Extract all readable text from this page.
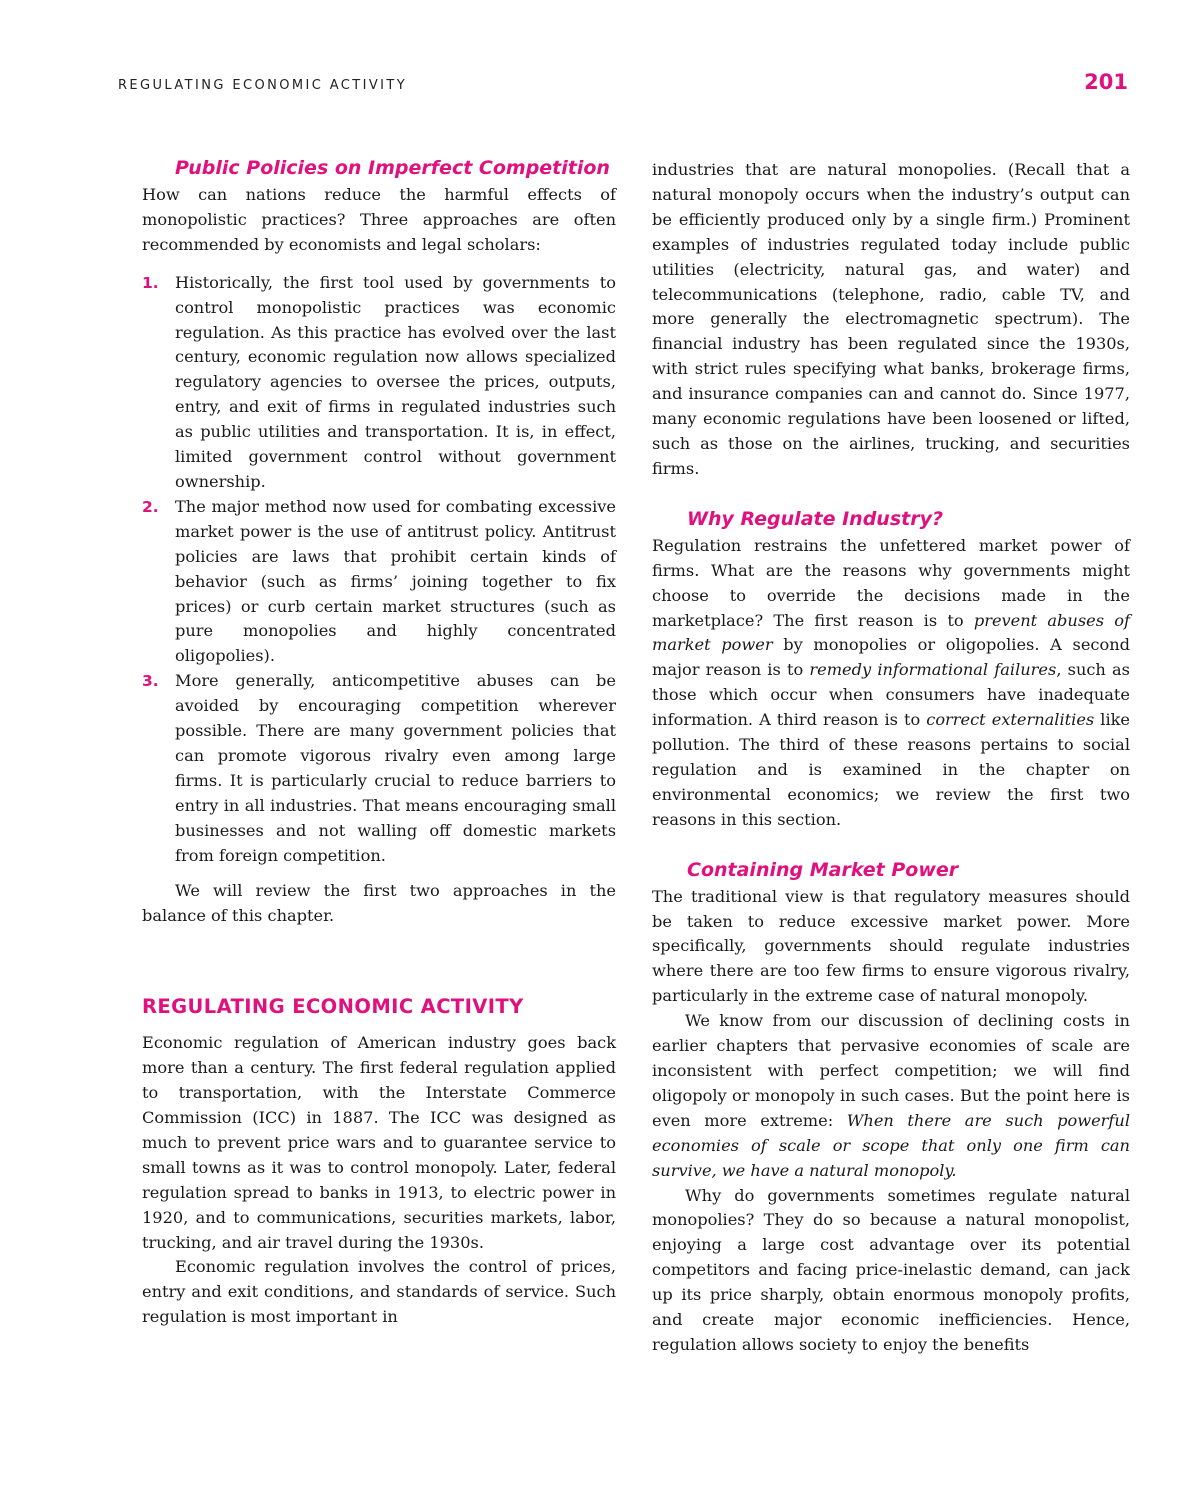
REGULATING ECONOMIC ACTIVITY	201
Public Policies on Imperfect Competition

How can nations reduce the harmful effects of monopolistic practices? Three approaches are often recommended by economists and legal scholars:

1. Historically, the first tool used by governments to control monopolistic practices was economic regulation. As this practice has evolved over the last century, economic regulation now allows specialized regulatory agencies to oversee the prices, outputs, entry, and exit of firms in regulated industries such as public utilities and transportation. It is, in effect, limited government control without government ownership.

2. The major method now used for combating excessive market power is the use of antitrust policy. Antitrust policies are laws that prohibit certain kinds of behavior (such as firms’ joining together to fix prices) or curb certain market structures (such as pure monopolies and highly concentrated oligopolies).

3. More generally, anticompetitive abuses can be avoided by encouraging competition wherever possible. There are many government policies that can promote vigorous rivalry even among large firms. It is particularly crucial to reduce barriers to entry in all industries. That means encouraging small businesses and not walling off domestic markets from foreign competition.

We will review the first two approaches in the balance of this chapter.

REGULATING ECONOMIC ACTIVITY

Economic regulation of American industry goes back more than a century. The first federal regulation applied to transportation, with the Interstate Commerce Commission (ICC) in 1887. The ICC was designed as much to prevent price wars and to guarantee service to small towns as it was to control monopoly. Later, federal regulation spread to banks in 1913, to electric power in 1920, and to communications, securities markets, labor, trucking, and air travel during the 1930s.

Economic regulation involves the control of prices, entry and exit conditions, and standards of service. Such regulation is most important in

industries that are natural monopolies. (Recall that a natural monopoly occurs when the industry’s output can be efficiently produced only by a single firm.) Prominent examples of industries regulated today include public utilities (electricity, natural gas, and water) and telecommunications (telephone, radio, cable TV, and more generally the electromagnetic spectrum). The financial industry has been regulated since the 1930s, with strict rules specifying what banks, brokerage firms, and insurance companies can and cannot do. Since 1977, many economic regulations have been loosened or lifted, such as those on the airlines, trucking, and securities firms.

Why Regulate Industry?

Regulation restrains the unfettered market power of firms. What are the reasons why governments might choose to override the decisions made in the marketplace? The first reason is to prevent abuses of market power by monopolies or oligopolies. A second major reason is to remedy informational failures, such as those which occur when consumers have inadequate information. A third reason is to correct externalities like pollution. The third of these reasons pertains to social regulation and is examined in the chapter on environmental economics; we review the first two reasons in this section.

Containing Market Power

The traditional view is that regulatory measures should be taken to reduce excessive market power. More specifically, governments should regulate industries where there are too few firms to ensure vigorous rivalry, particularly in the extreme case of natural monopoly.

We know from our discussion of declining costs in earlier chapters that pervasive economies of scale are inconsistent with perfect competition; we will find oligopoly or monopoly in such cases. But the point here is even more extreme: When there are such powerful economies of scale or scope that only one firm can survive, we have a natural monopoly.

Why do governments sometimes regulate natural monopolies? They do so because a natural monopolist, enjoying a large cost advantage over its potential competitors and facing price-inelastic demand, can jack up its price sharply, obtain enormous monopoly profits, and create major economic inefficiencies. Hence, regulation allows society to enjoy the benefits
